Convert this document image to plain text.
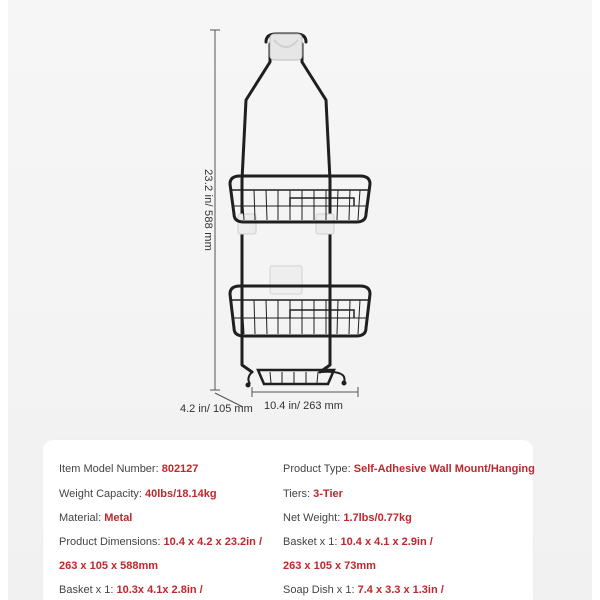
23.2 in/ 588 mm
4.2 in/ 105 mm 10.4 in/ 263 mm
Item Model Number: 802127
Weight Capacity: 40lbs/18.14kg
Material: Metal
Product Dimensions: 10.4 x 4.2 x 23.2in /
263 x 105 x 588mm
Basket x 1: 10.3x 4.1x 2.8in /
Product Type: Self-Adhesive Wall Mount/Hanging
Tiers: 3-Tier
Net Weight: 1.7lbs/0.77kg
Basket x 1: 10.4 x 4.1 x 2.9in /
263 x 105 x 73mm
Soap Dish x 1: 7.4 x 3.3 x 1.3in /
